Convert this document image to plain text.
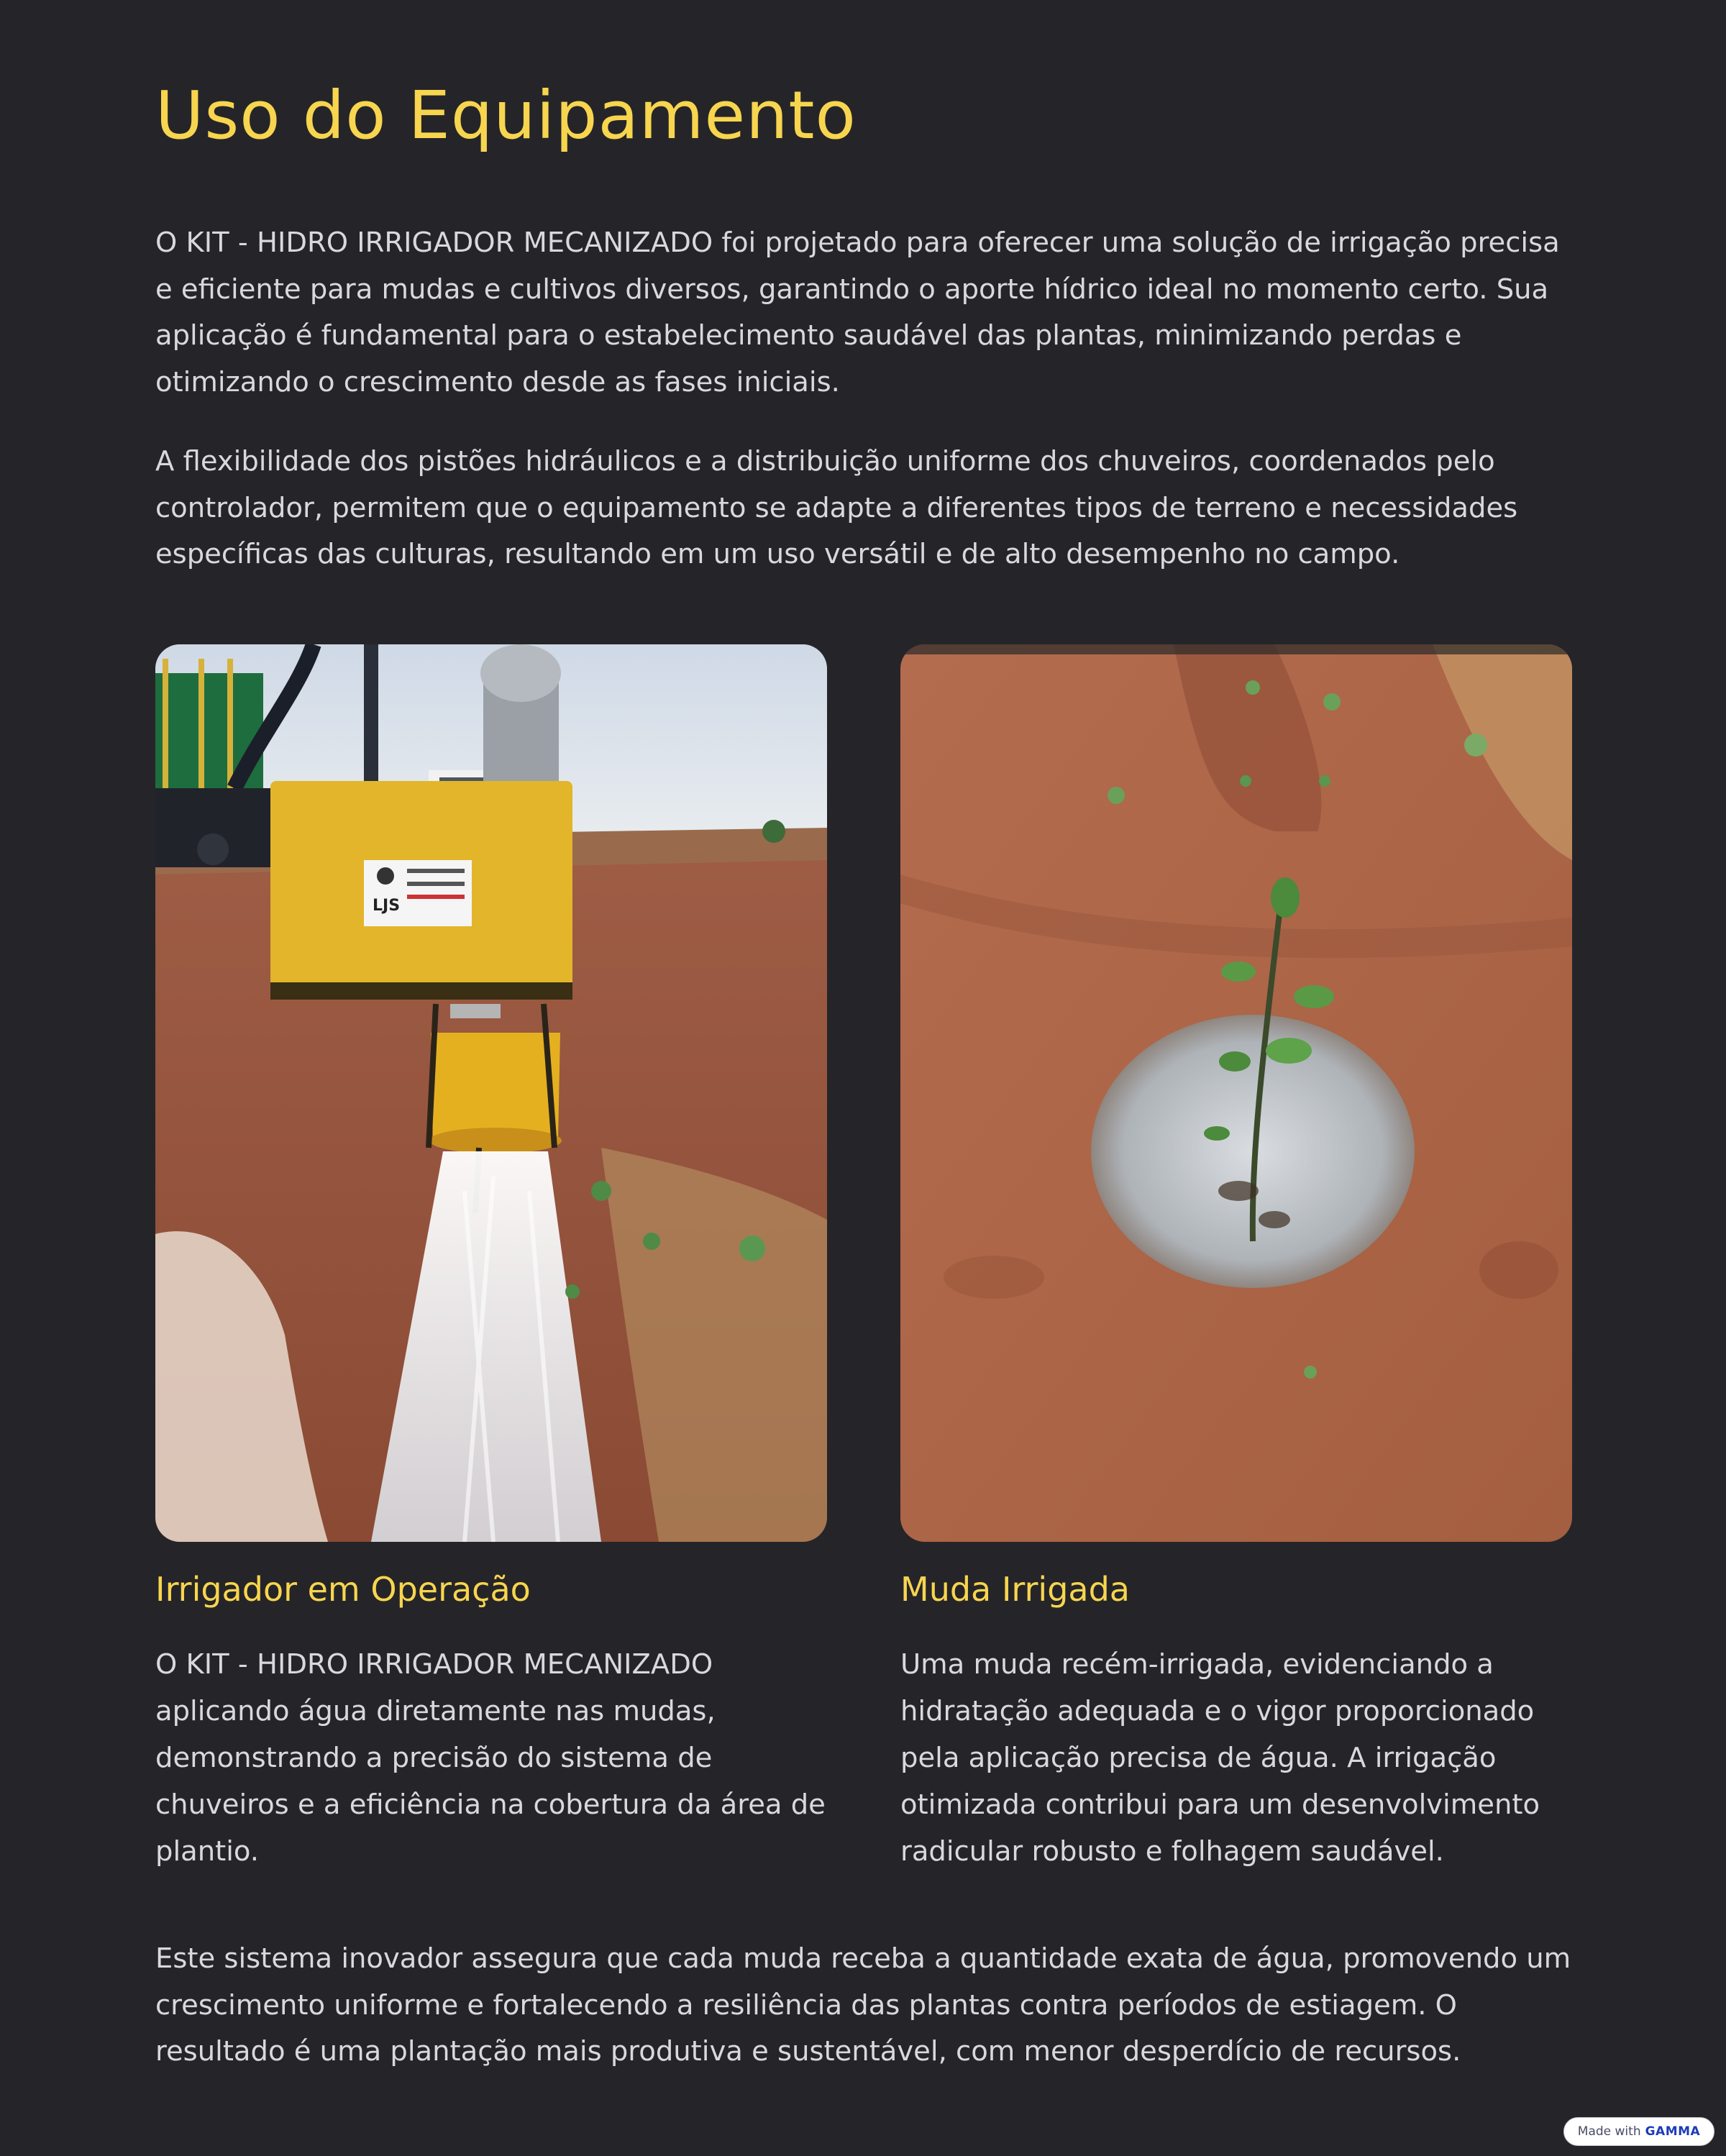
Uso do Equipamento

O KIT - HIDRO IRRIGADOR MECANIZADO foi projetado para oferecer uma solução de irrigação precisa e eficiente para mudas e cultivos diversos, garantindo o aporte hídrico ideal no momento certo. Sua aplicação é fundamental para o estabelecimento saudável das plantas, minimizando perdas e otimizando o crescimento desde as fases iniciais.

A flexibilidade dos pistões hidráulicos e a distribuição uniforme dos chuveiros, coordenados pelo controlador, permitem que o equipamento se adapte a diferentes tipos de terreno e necessidades específicas das culturas, resultando em um uso versátil e de alto desempenho no campo.

LJS
Irrigador em Operação

O KIT - HIDRO IRRIGADOR MECANIZADO aplicando água diretamente nas mudas, demonstrando a precisão do sistema de chuveiros e a eficiência na cobertura da área de plantio.

Muda Irrigada

Uma muda recém-irrigada, evidenciando a hidratação adequada e o vigor proporcionado pela aplicação precisa de água. A irrigação otimizada contribui para um desenvolvimento radicular robusto e folhagem saudável.

Este sistema inovador assegura que cada muda receba a quantidade exata de água, promovendo um crescimento uniforme e fortalecendo a resiliência das plantas contra períodos de estiagem. O resultado é uma plantação mais produtiva e sustentável, com menor desperdício de recursos.

Made with GAMMA
